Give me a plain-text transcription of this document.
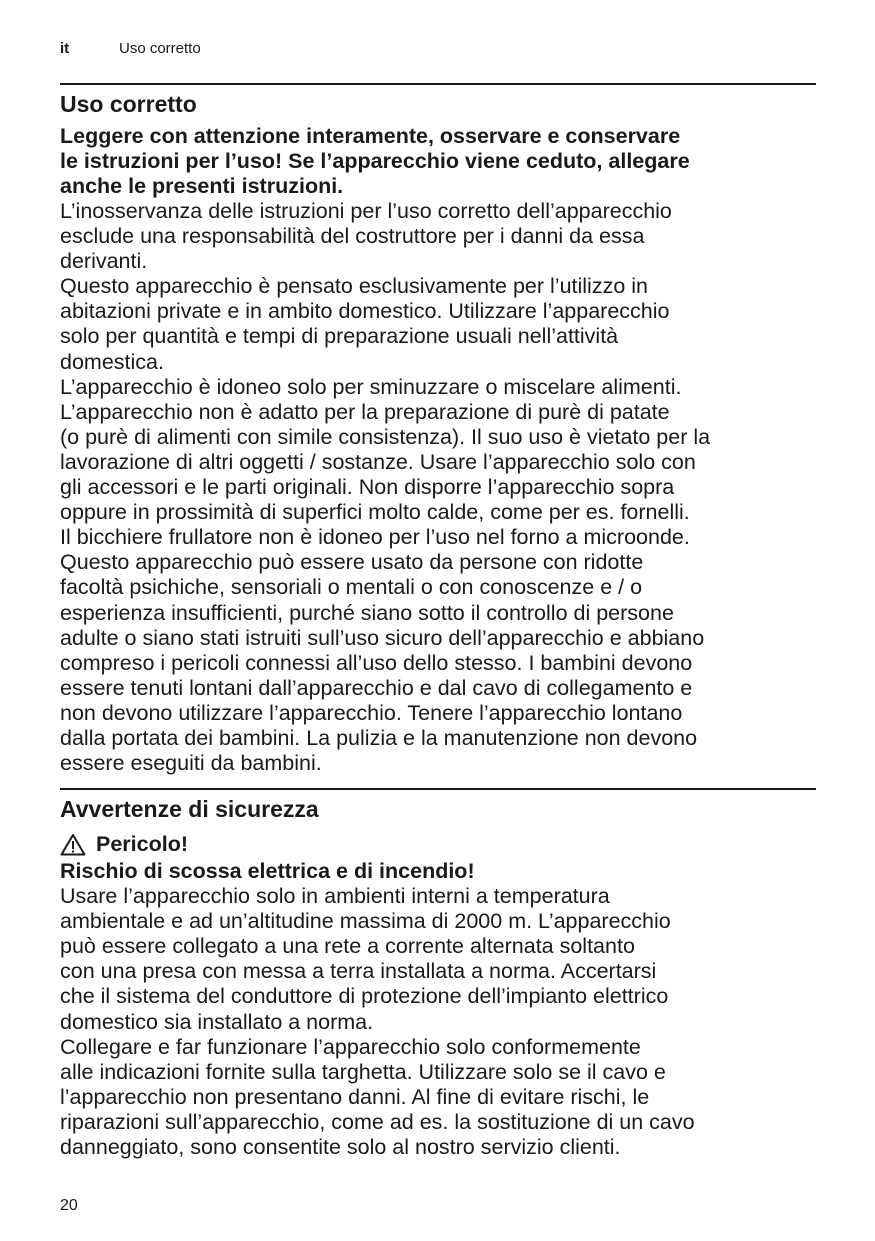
it	Uso corretto
Uso corretto
Leggere con attenzione interamente, osservare e conservare
le istruzioni per l’uso! Se l’apparecchio viene ceduto, allegare
anche le presenti istruzioni.
L’inosservanza delle istruzioni per l’uso corretto dell’apparecchio
esclude una responsabilità del costruttore per i danni da essa
derivanti.
Questo apparecchio è pensato esclusivamente per l’utilizzo in
abitazioni private e in ambito domestico. Utilizzare l’apparecchio
solo per quantità e tempi di preparazione usuali nell’attività
domestica.
L’apparecchio è idoneo solo per sminuzzare o miscelare alimenti.
L’apparecchio non è adatto per la preparazione di purè di patate
(o purè di alimenti con simile consistenza). Il suo uso è vietato per la
lavorazione di altri oggetti / sostanze. Usare l’apparecchio solo con
gli accessori e le parti originali. Non disporre l’apparecchio sopra
oppure in prossimità di superfici molto calde, come per es. fornelli.
Il bicchiere frullatore non è idoneo per l’uso nel forno a microonde.
Questo apparecchio può essere usato da persone con ridotte
facoltà psichiche, sensoriali o mentali o con conoscenze e / o
esperienza insufficienti, purché siano sotto il controllo di persone
adulte o siano stati istruiti sull’uso sicuro dell’apparecchio e abbiano
compreso i pericoli connessi all’uso dello stesso. I bambini devono
essere tenuti lontani dall’apparecchio e dal cavo di collegamento e
non devono utilizzare l’apparecchio. Tenere l’apparecchio lontano
dalla portata dei bambini. La pulizia e la manutenzione non devono
essere eseguiti da bambini.
Avvertenze di sicurezza
Pericolo!
Rischio di scossa elettrica e di incendio!
Usare l’apparecchio solo in ambienti interni a temperatura
ambientale e ad un’altitudine massima di 2000 m. L’apparecchio
può essere collegato a una rete a corrente alternata soltanto
con una presa con messa a terra installata a norma. Accertarsi
che il sistema del conduttore di protezione dell’impianto elettrico
domestico sia installato a norma.
Collegare e far funzionare l’apparecchio solo conformemente
alle indicazioni fornite sulla targhetta. Utilizzare solo se il cavo e
l’apparecchio non presentano danni. Al fine di evitare rischi, le
riparazioni sull’apparecchio, come ad es. la sostituzione di un cavo
danneggiato, sono consentite solo al nostro servizio clienti.
20
